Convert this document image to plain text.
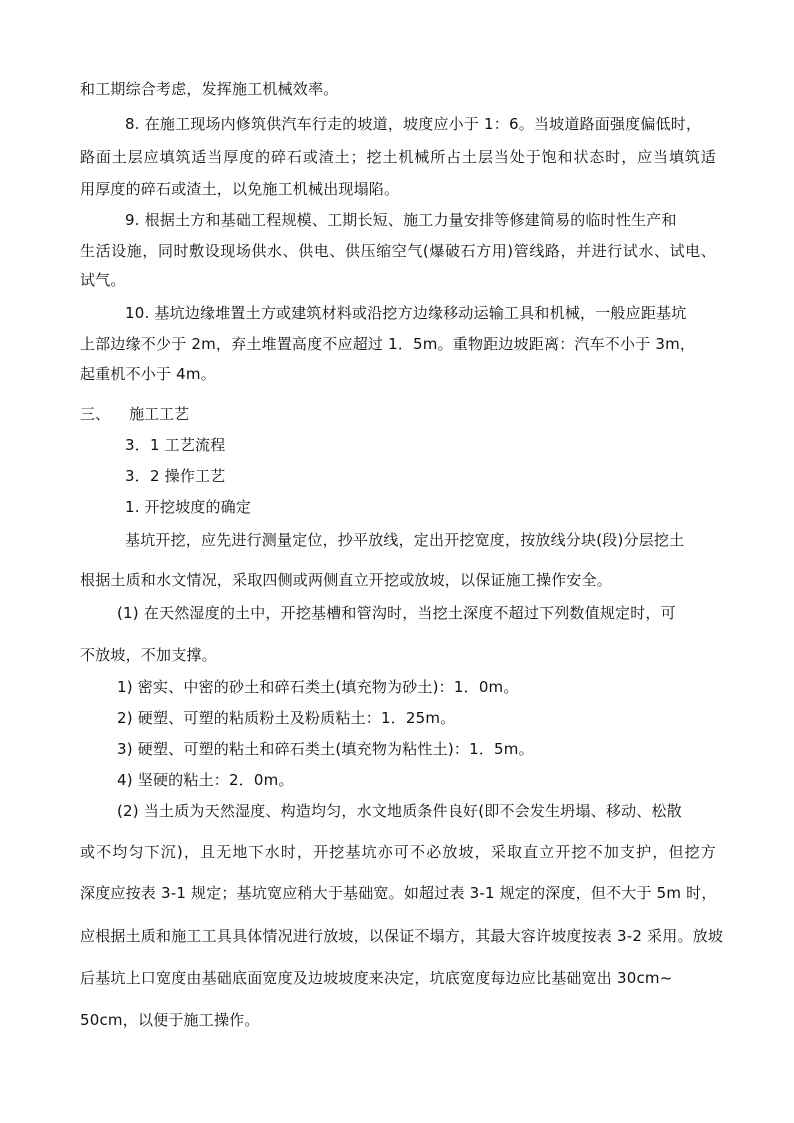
和工期综合考虑，发挥施工机械效率。
8. 在施工现场内修筑供汽车行走的坡道，坡度应小于 1：6。当坡道路面强度偏低时，
路面土层应填筑适当厚度的碎石或渣土；挖土机械所占土层当处于饱和状态时，应当填筑适
用厚度的碎石或渣土，以免施工机械出现塌陷。
9. 根据土方和基础工程规模、工期长短、施工力量安排等修建简易的临时性生产和
生活设施，同时敷设现场供水、供电、供压缩空气(爆破石方用)管线路，并进行试水、试电、
试气。
10. 基坑边缘堆置土方或建筑材料或沿挖方边缘移动运输工具和机械，一般应距基坑
上部边缘不少于 2m，弃土堆置高度不应超过 1．5m。重物距边坡距离：汽车不小于 3m，
起重机不小于 4m。
三、    施工工艺
3．1 工艺流程
3．2 操作工艺
1. 开挖坡度的确定
基坑开挖，应先进行测量定位，抄平放线，定出开挖宽度，按放线分块(段)分层挖土
根据土质和水文情况，采取四侧或两侧直立开挖或放坡，以保证施工操作安全。
(1) 在天然湿度的土中，开挖基槽和管沟时，当挖土深度不超过下列数值规定时，可
不放坡，不加支撑。
1) 密实、中密的砂土和碎石类土(填充物为砂土)：1．0m。
2) 硬塑、可塑的粘质粉土及粉质粘土：1．25m。
3) 硬塑、可塑的粘土和碎石类土(填充物为粘性土)：1．5m。
4) 坚硬的粘土：2．0m。
(2) 当土质为天然湿度、构造均匀，水文地质条件良好(即不会发生坍塌、移动、松散
或不均匀下沉)，且无地下水时，开挖基坑亦可不必放坡，采取直立开挖不加支护，但挖方
深度应按表 3-1 规定；基坑宽应稍大于基础宽。如超过表 3-1 规定的深度，但不大于 5m 时，
应根据土质和施工工具具体情况进行放坡，以保证不塌方，其最大容许坡度按表 3-2 采用。放坡
后基坑上口宽度由基础底面宽度及边坡坡度来决定，坑底宽度每边应比基础宽出 30cm~
50cm，以便于施工操作。
